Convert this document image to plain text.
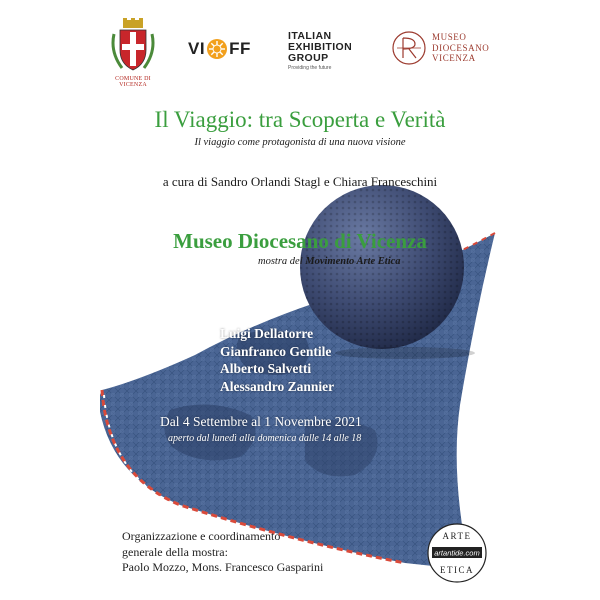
COMUNE DI VICENZA
VI FF
ITALIAN
EXHIBITION
GROUP
Providing the future
MUSEO
DIOCESANO
VICENZA
Il Viaggio: tra Scoperta e Verità
Il viaggio come protagonista di una nuova visione
a cura di Sandro Orlandi Stagl e Chiara Franceschini
Museo Diocesano di Vicenza
mostra del Movimento Arte Etica
Luigi Dellatorre
Gianfranco Gentile
Alberto Salvetti
Alessandro Zannier
Dal 4 Settembre al 1 Novembre 2021
aperto dal lunedì alla domenica dalle 14 alle 18
Organizzazione e coordinamento
generale della mostra:
Paolo Mozzo, Mons. Francesco Gasparini
ARTE
artantide.com
ETICA
